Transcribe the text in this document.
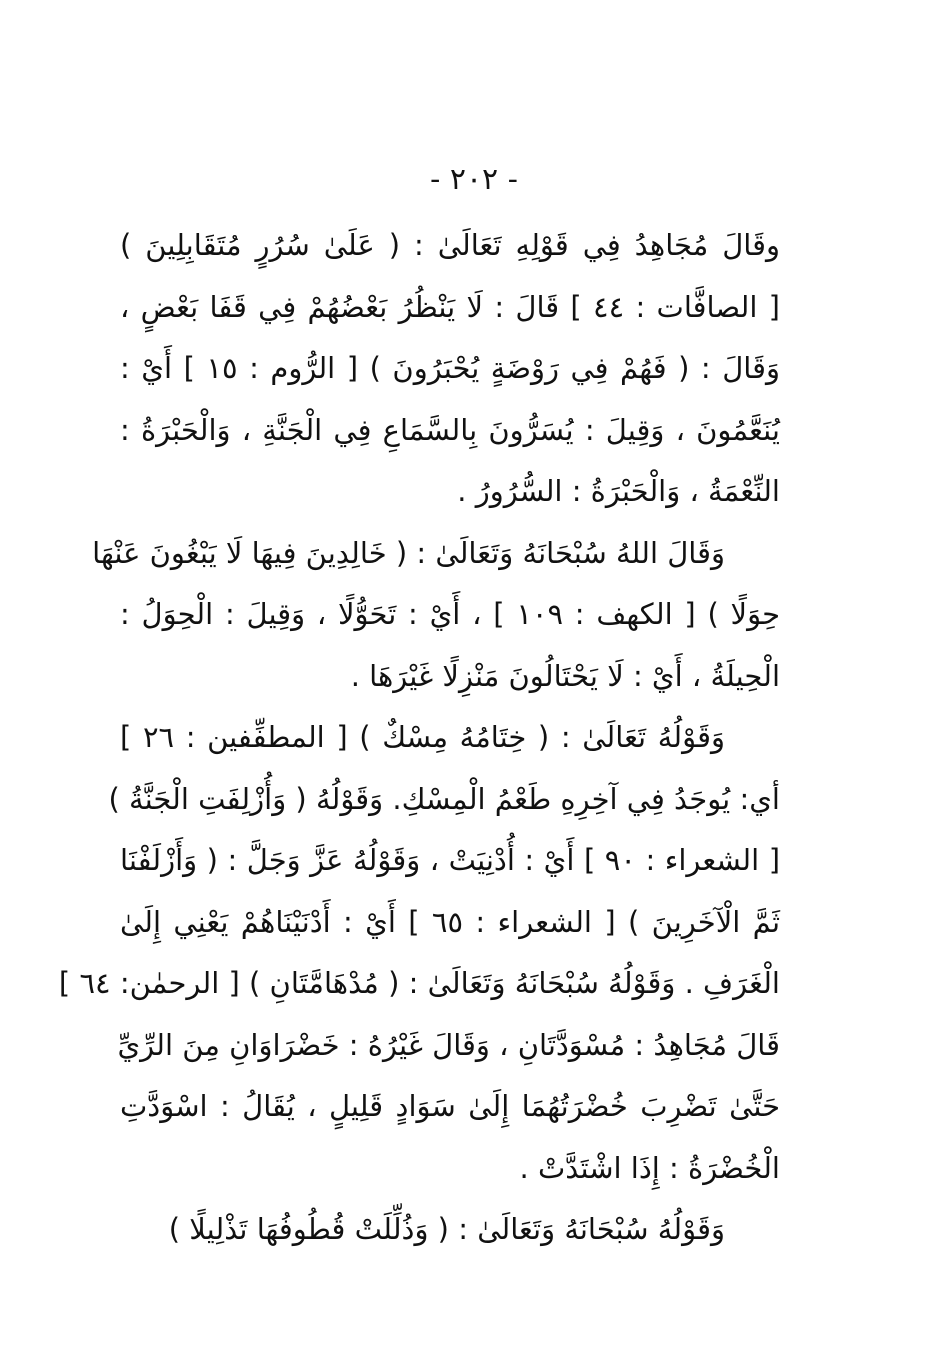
- ٢٠٢ -
وقَالَ مُجَاهِدُ فِي قَوْلِهِ تَعَالَىٰ : ( عَلَىٰ سُرُرٍ مُتَقَابِلِينَ )
[ الصافَّات : ٤٤ ] قَالَ : لَا يَنْظُرُ بَعْضُهُمْ فِي قَفَا بَعْضٍ ،
وَقَالَ : ( فَهُمْ فِي رَوْضَةٍ يُحْبَرُونَ ) [ الرُّوم : ١٥ ] أَيْ :
يُنَعَّمُونَ ، وَقِيلَ : يُسَرُّونَ بِالسَّمَاعِ فِي الْجَنَّةِ ، وَالْحَبْرَةُ :
النِّعْمَةُ ، وَالْحَبْرَةُ : السُّرُورُ .
وَقَالَ اللهُ سُبْحَانَهُ وَتَعَالَىٰ : ( خَالِدِينَ فِيهَا لَا يَبْغُونَ عَنْهَا
حِوَلًا ) [ الكهف : ١٠٩ ] ، أَيْ : تَحَوُّلًا ، وَقِيلَ : الْحِوَلُ :
الْحِيلَةُ ، أَيْ : لَا يَحْتَالُونَ مَنْزِلًا غَيْرَهَا .
وَقَوْلُهُ تَعَالَىٰ : ( خِتَامُهُ مِسْكٌ ) [ المطفِّفين : ٢٦ ]
أي: يُوجَدُ فِي آخِرِهِ طَعْمُ الْمِسْكِ. وَقَوْلُهُ ( وَأُزْلِفَتِ الْجَنَّةُ )
[ الشعراء : ٩٠ ] أَيْ : أُدْنِيَتْ ، وَقَوْلُهُ عَزَّ وَجَلَّ : ( وَأَزْلَفْنَا
ثَمَّ الْآخَرِينَ ) [ الشعراء : ٦٥ ] أَيْ : أَدْنَيْنَاهُمْ يَعْنِي إِلَىٰ
الْغَرَفِ . وَقَوْلُهُ سُبْحَانَهُ وَتَعَالَىٰ : ( مُدْهَامَّتَانِ ) [ الرحمٰن: ٦٤ ]
قَالَ مُجَاهِدُ : مُسْوَدَّتَانِ ، وَقَالَ غَيْرُهُ : خَضْرَاوَانِ مِنَ الرِّيِّ
حَتَّىٰ تَضْرِبَ خُضْرَتُهُمَا إِلَىٰ سَوَادٍ قَلِيلٍ ، يُقَالُ : اسْوَدَّتِ
الْخُضْرَةُ : إِذَا اشْتَدَّتْ .
وَقَوْلُهُ سُبْحَانَهُ وَتَعَالَىٰ : ( وَذُلِّلَتْ قُطُوفُهَا تَذْلِيلًا )
